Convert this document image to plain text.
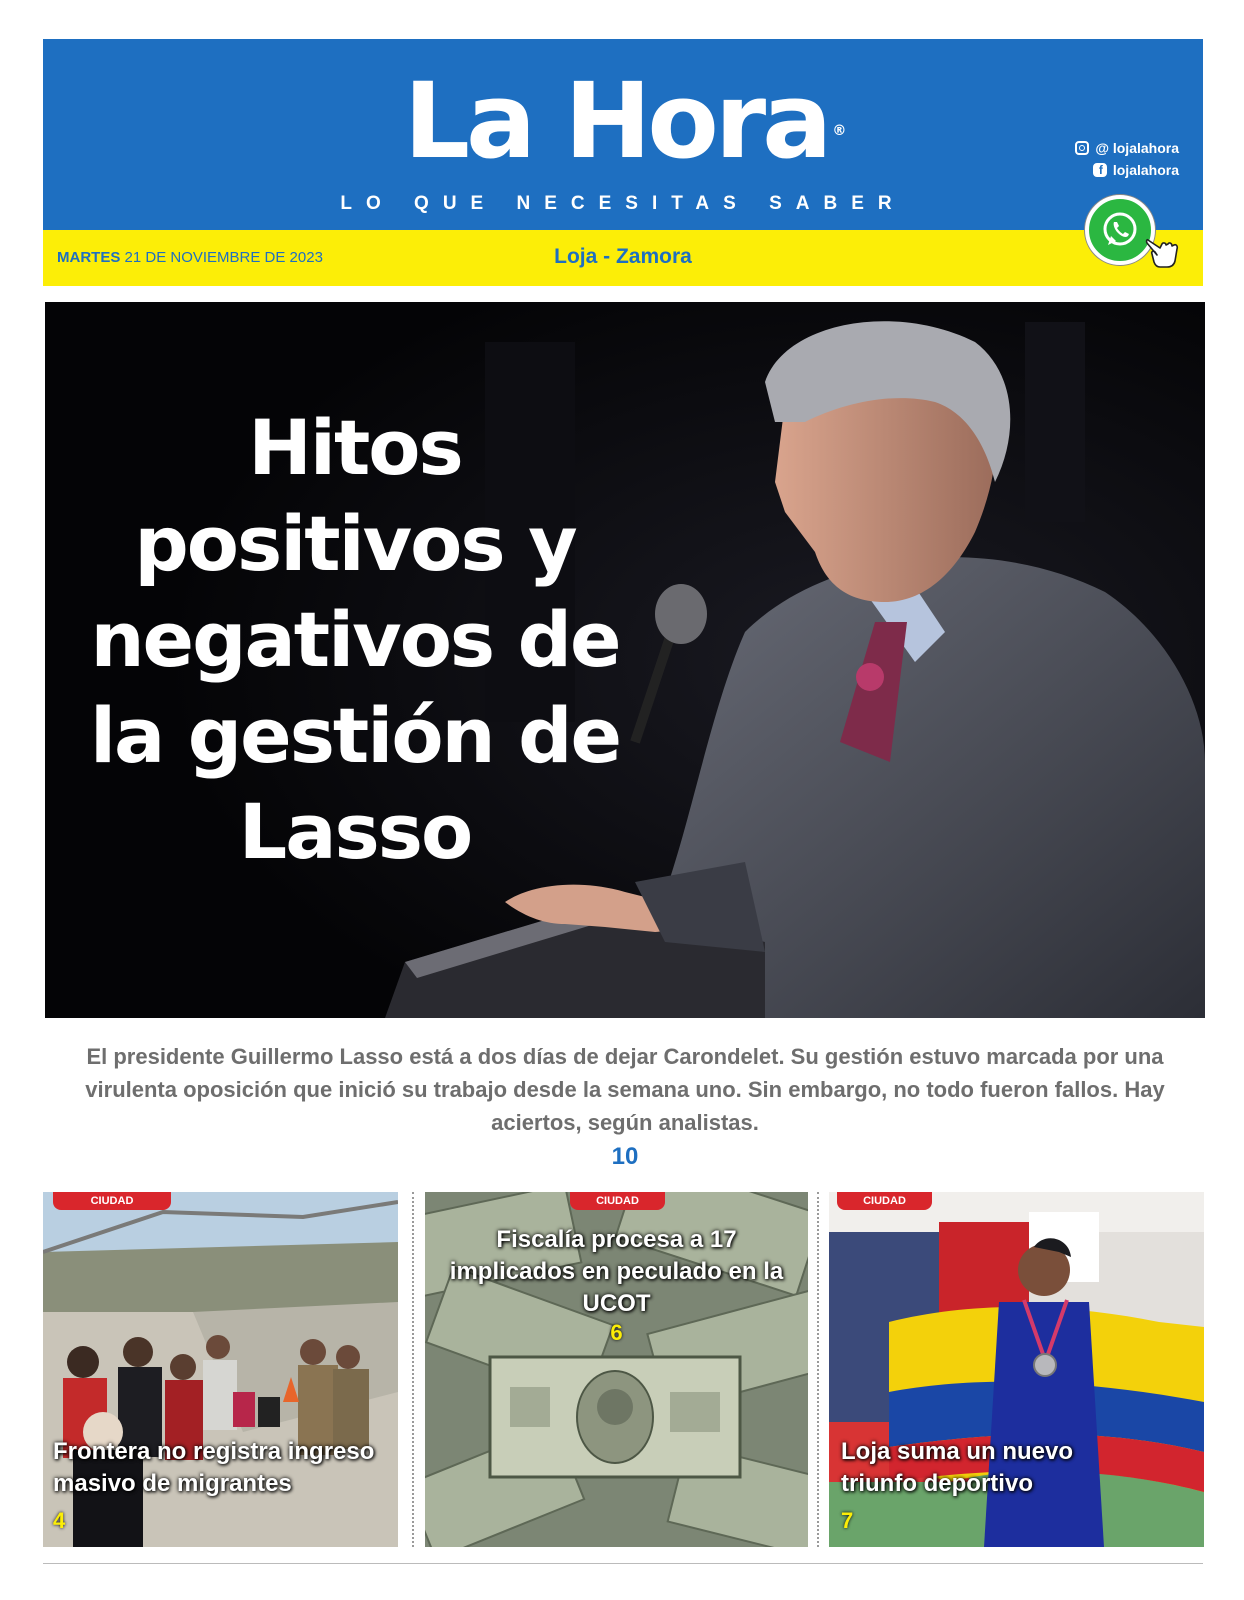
La Hora ®
LO QUE NECESITAS SABER
@ lojalahora
f
lojalahora
MARTES 21 DE NOVIEMBRE DE 2023	Loja - Zamora
Hitos positivos y negativos de la gestión de Lasso
El presidente Guillermo Lasso está a dos días de dejar Carondelet. Su gestión estuvo marcada por una virulenta oposición que inició su trabajo desde la semana uno. Sin embargo, no todo fueron fallos. Hay aciertos, según analistas.
10
CIUDAD
Frontera no registra ingreso masivo de migrantes
4
CIUDAD
Fiscalía procesa a 17 implicados en peculado en la UCOT
6
CIUDAD
Loja suma un nuevo triunfo deportivo
7
